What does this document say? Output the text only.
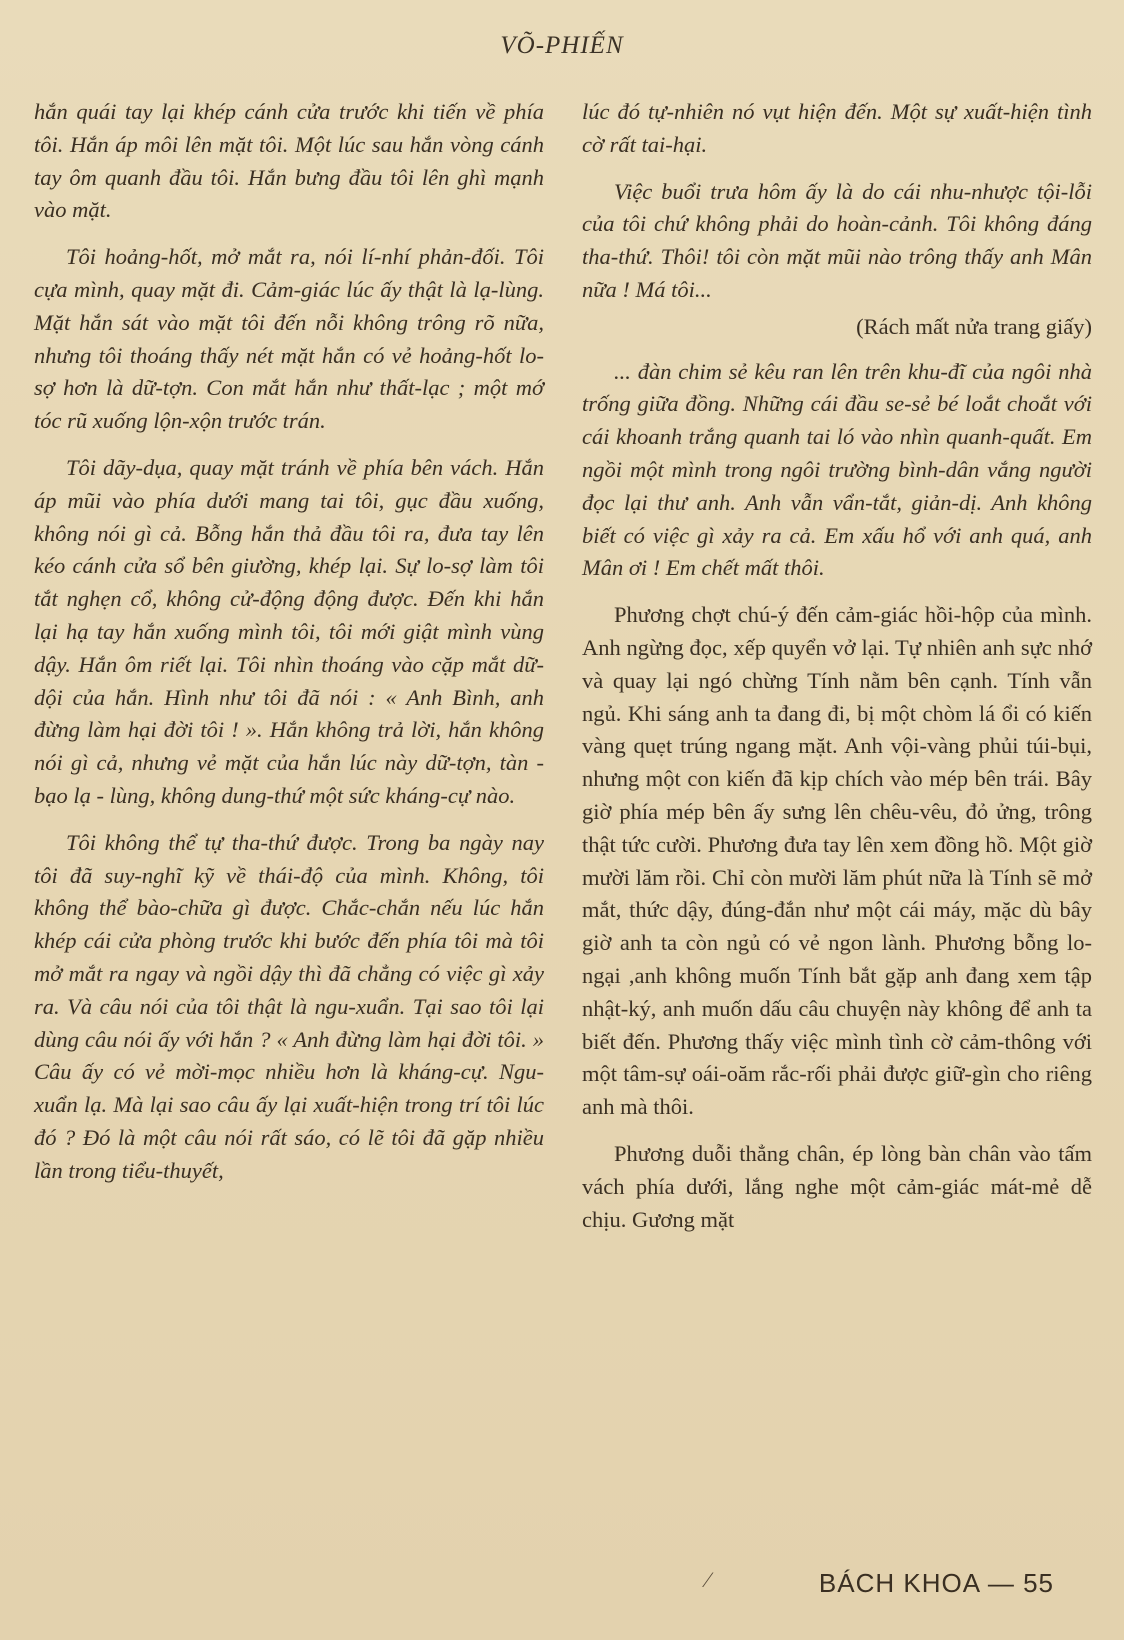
VÕ-PHIẾN

hắn quái tay lại khép cánh cửa trước khi tiến về phía tôi. Hắn áp môi lên mặt tôi. Một lúc sau hắn vòng cánh tay ôm quanh đầu tôi. Hắn bưng đầu tôi lên ghì mạnh vào mặt.

Tôi hoảng-hốt, mở mắt ra, nói lí-nhí phản-đối. Tôi cựa mình, quay mặt đi. Cảm-giác lúc ấy thật là lạ-lùng. Mặt hắn sát vào mặt tôi đến nỗi không trông rõ nữa, nhưng tôi thoáng thấy nét mặt hắn có vẻ hoảng-hốt lo-sợ hơn là dữ-tợn. Con mắt hắn như thất-lạc ; một mớ tóc rũ xuống lộn-xộn trước trán.

Tôi dãy-dụa, quay mặt tránh về phía bên vách. Hắn áp mũi vào phía dưới mang tai tôi, gục đầu xuống, không nói gì cả. Bỗng hắn thả đầu tôi ra, đưa tay lên kéo cánh cửa sổ bên giường, khép lại. Sự lo-sợ làm tôi tắt nghẹn cổ, không cử-động động được. Đến khi hắn lại hạ tay hắn xuống mình tôi, tôi mới giật mình vùng dậy. Hắn ôm riết lại. Tôi nhìn thoáng vào cặp mắt dữ-dội của hắn. Hình như tôi đã nói : « Anh Bình, anh đừng làm hại đời tôi ! ». Hắn không trả lời, hắn không nói gì cả, nhưng vẻ mặt của hắn lúc này dữ-tợn, tàn - bạo lạ - lùng, không dung-thứ một sức kháng-cự nào.

Tôi không thể tự tha-thứ được. Trong ba ngày nay tôi đã suy-nghĩ kỹ về thái-độ của mình. Không, tôi không thể bào-chữa gì được. Chắc-chắn nếu lúc hắn khép cái cửa phòng trước khi bước đến phía tôi mà tôi mở mắt ra ngay và ngồi dậy thì đã chẳng có việc gì xảy ra. Và câu nói của tôi thật là ngu-xuẩn. Tại sao tôi lại dùng câu nói ấy với hắn ? « Anh đừng làm hại đời tôi. » Câu ấy có vẻ mời-mọc nhiều hơn là kháng-cự. Ngu-xuẩn lạ. Mà lại sao câu ấy lại xuất-hiện trong trí tôi lúc đó ? Đó là một câu nói rất sáo, có lẽ tôi đã gặp nhiều lần trong tiểu-thuyết,

lúc đó tự-nhiên nó vụt hiện đến. Một sự xuất-hiện tình cờ rất tai-hại.

Việc buổi trưa hôm ấy là do cái nhu-nhược tội-lỗi của tôi chứ không phải do hoàn-cảnh. Tôi không đáng tha-thứ. Thôi! tôi còn mặt mũi nào trông thấy anh Mân nữa ! Má tôi...

(Rách mất nửa trang giấy)

... đàn chim sẻ kêu ran lên trên khu-đĩ của ngôi nhà trống giữa đồng. Những cái đầu se-sẻ bé loắt choắt với cái khoanh trắng quanh tai ló vào nhìn quanh-quất. Em ngồi một mình trong ngôi trường bình-dân vắng người đọc lại thư anh. Anh vẫn vẩn-tắt, giản-dị. Anh không biết có việc gì xảy ra cả. Em xấu hổ với anh quá, anh Mân ơi ! Em chết mất thôi.

Phương chợt chú-ý đến cảm-giác hồi-hộp của mình. Anh ngừng đọc, xếp quyển vở lại. Tự nhiên anh sực nhớ và quay lại ngó chừng Tính nằm bên cạnh. Tính vẫn ngủ. Khi sáng anh ta đang đi, bị một chòm lá ổi có kiến vàng quẹt trúng ngang mặt. Anh vội-vàng phủi túi-bụi, nhưng một con kiến đã kịp chích vào mép bên trái. Bây giờ phía mép bên ấy sưng lên chêu-vêu, đỏ ửng, trông thật tức cười. Phương đưa tay lên xem đồng hồ. Một giờ mười lăm rồi. Chỉ còn mười lăm phút nữa là Tính sẽ mở mắt, thức dậy, đúng-đắn như một cái máy, mặc dù bây giờ anh ta còn ngủ có vẻ ngon lành. Phương bỗng lo-ngại ,anh không muốn Tính bắt gặp anh đang xem tập nhật-ký, anh muốn dấu câu chuyện này không để anh ta biết đến. Phương thấy việc mình tình cờ cảm-thông với một tâm-sự oái-oăm rắc-rối phải được giữ-gìn cho riêng anh mà thôi.

Phương duỗi thẳng chân, ép lòng bàn chân vào tấm vách phía dưới, lắng nghe một cảm-giác mát-mẻ dễ chịu. Gương mặt

⁄	BÁCH KHOA — 55
